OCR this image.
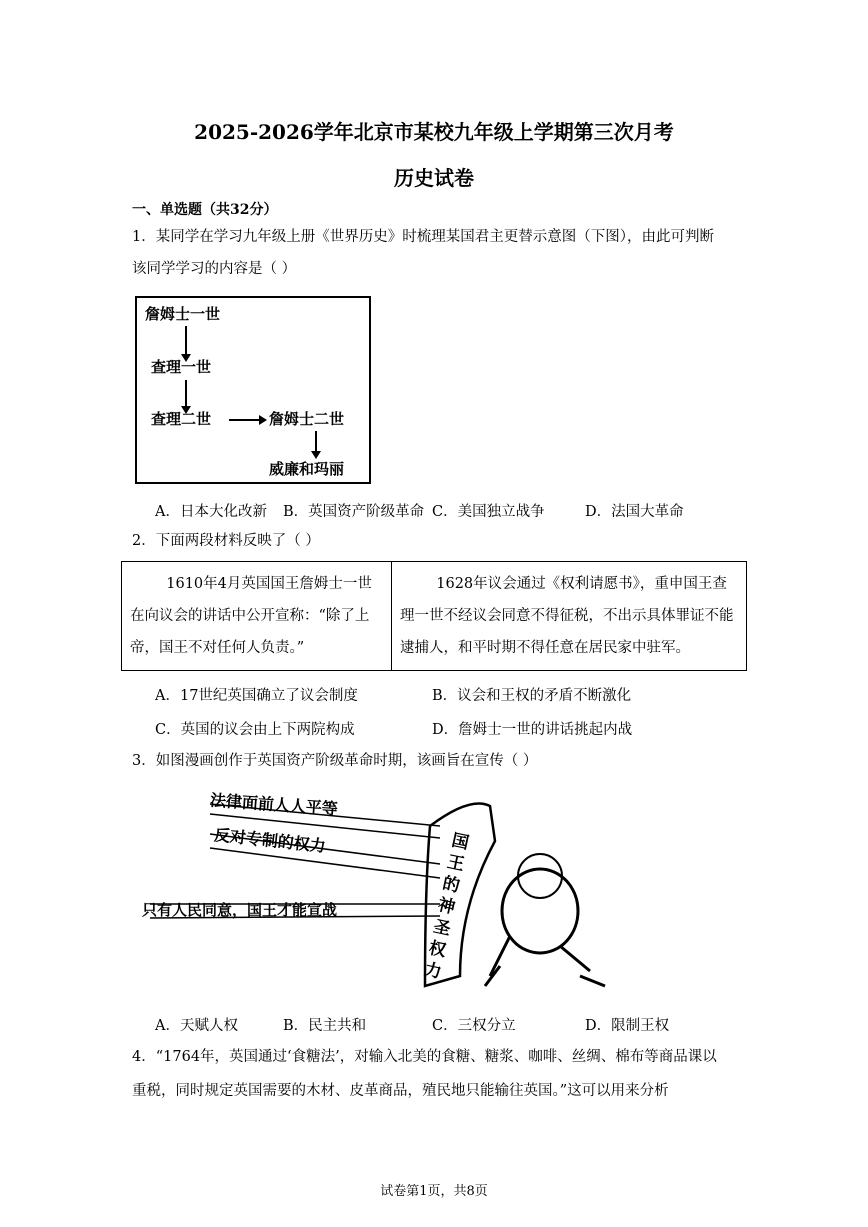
2025-2026学年北京市某校九年级上学期第三次月考
历史试卷
一、单选题（共32分）
1．某同学在学习九年级上册《世界历史》时梳理某国君主更替示意图（下图），由此可判断
该同学学习的内容是（ ）
詹姆士一世
查理一世
查理二世	詹姆士二世
威廉和玛丽
A．日本大化改新 B．英国资产阶级革命 C．美国独立战争	D．法国大革命
2．下面两段材料反映了（ ）
1610年4月英国国王詹姆士一世在向议会的讲话中公开宣称：“除了上帝，国王不对任何人负责。”

1628年议会通过《权利请愿书》，重申国王查理一世不经议会同意不得征税，不出示具体罪证不能逮捕人，和平时期不得任意在居民家中驻军。
A．17世纪英国确立了议会制度	B．议会和王权的矛盾不断激化
C．英国的议会由上下两院构成	D．詹姆士一世的讲话挑起内战
3．如图漫画创作于英国资产阶级革命时期，该画旨在宣传（ ）
法律面前人人平等
反对专制的权力
只有人民同意，国王才能宣战
国王的神圣权力
A．天赋人权	B．民主共和	C．三权分立	D．限制王权
4．“1764年，英国通过‘食糖法’，对输入北美的食糖、糖浆、咖啡、丝绸、棉布等商品课以
重税，同时规定英国需要的木材、皮革商品，殖民地只能输往英国。”这可以用来分析
试卷第1页，共8页
